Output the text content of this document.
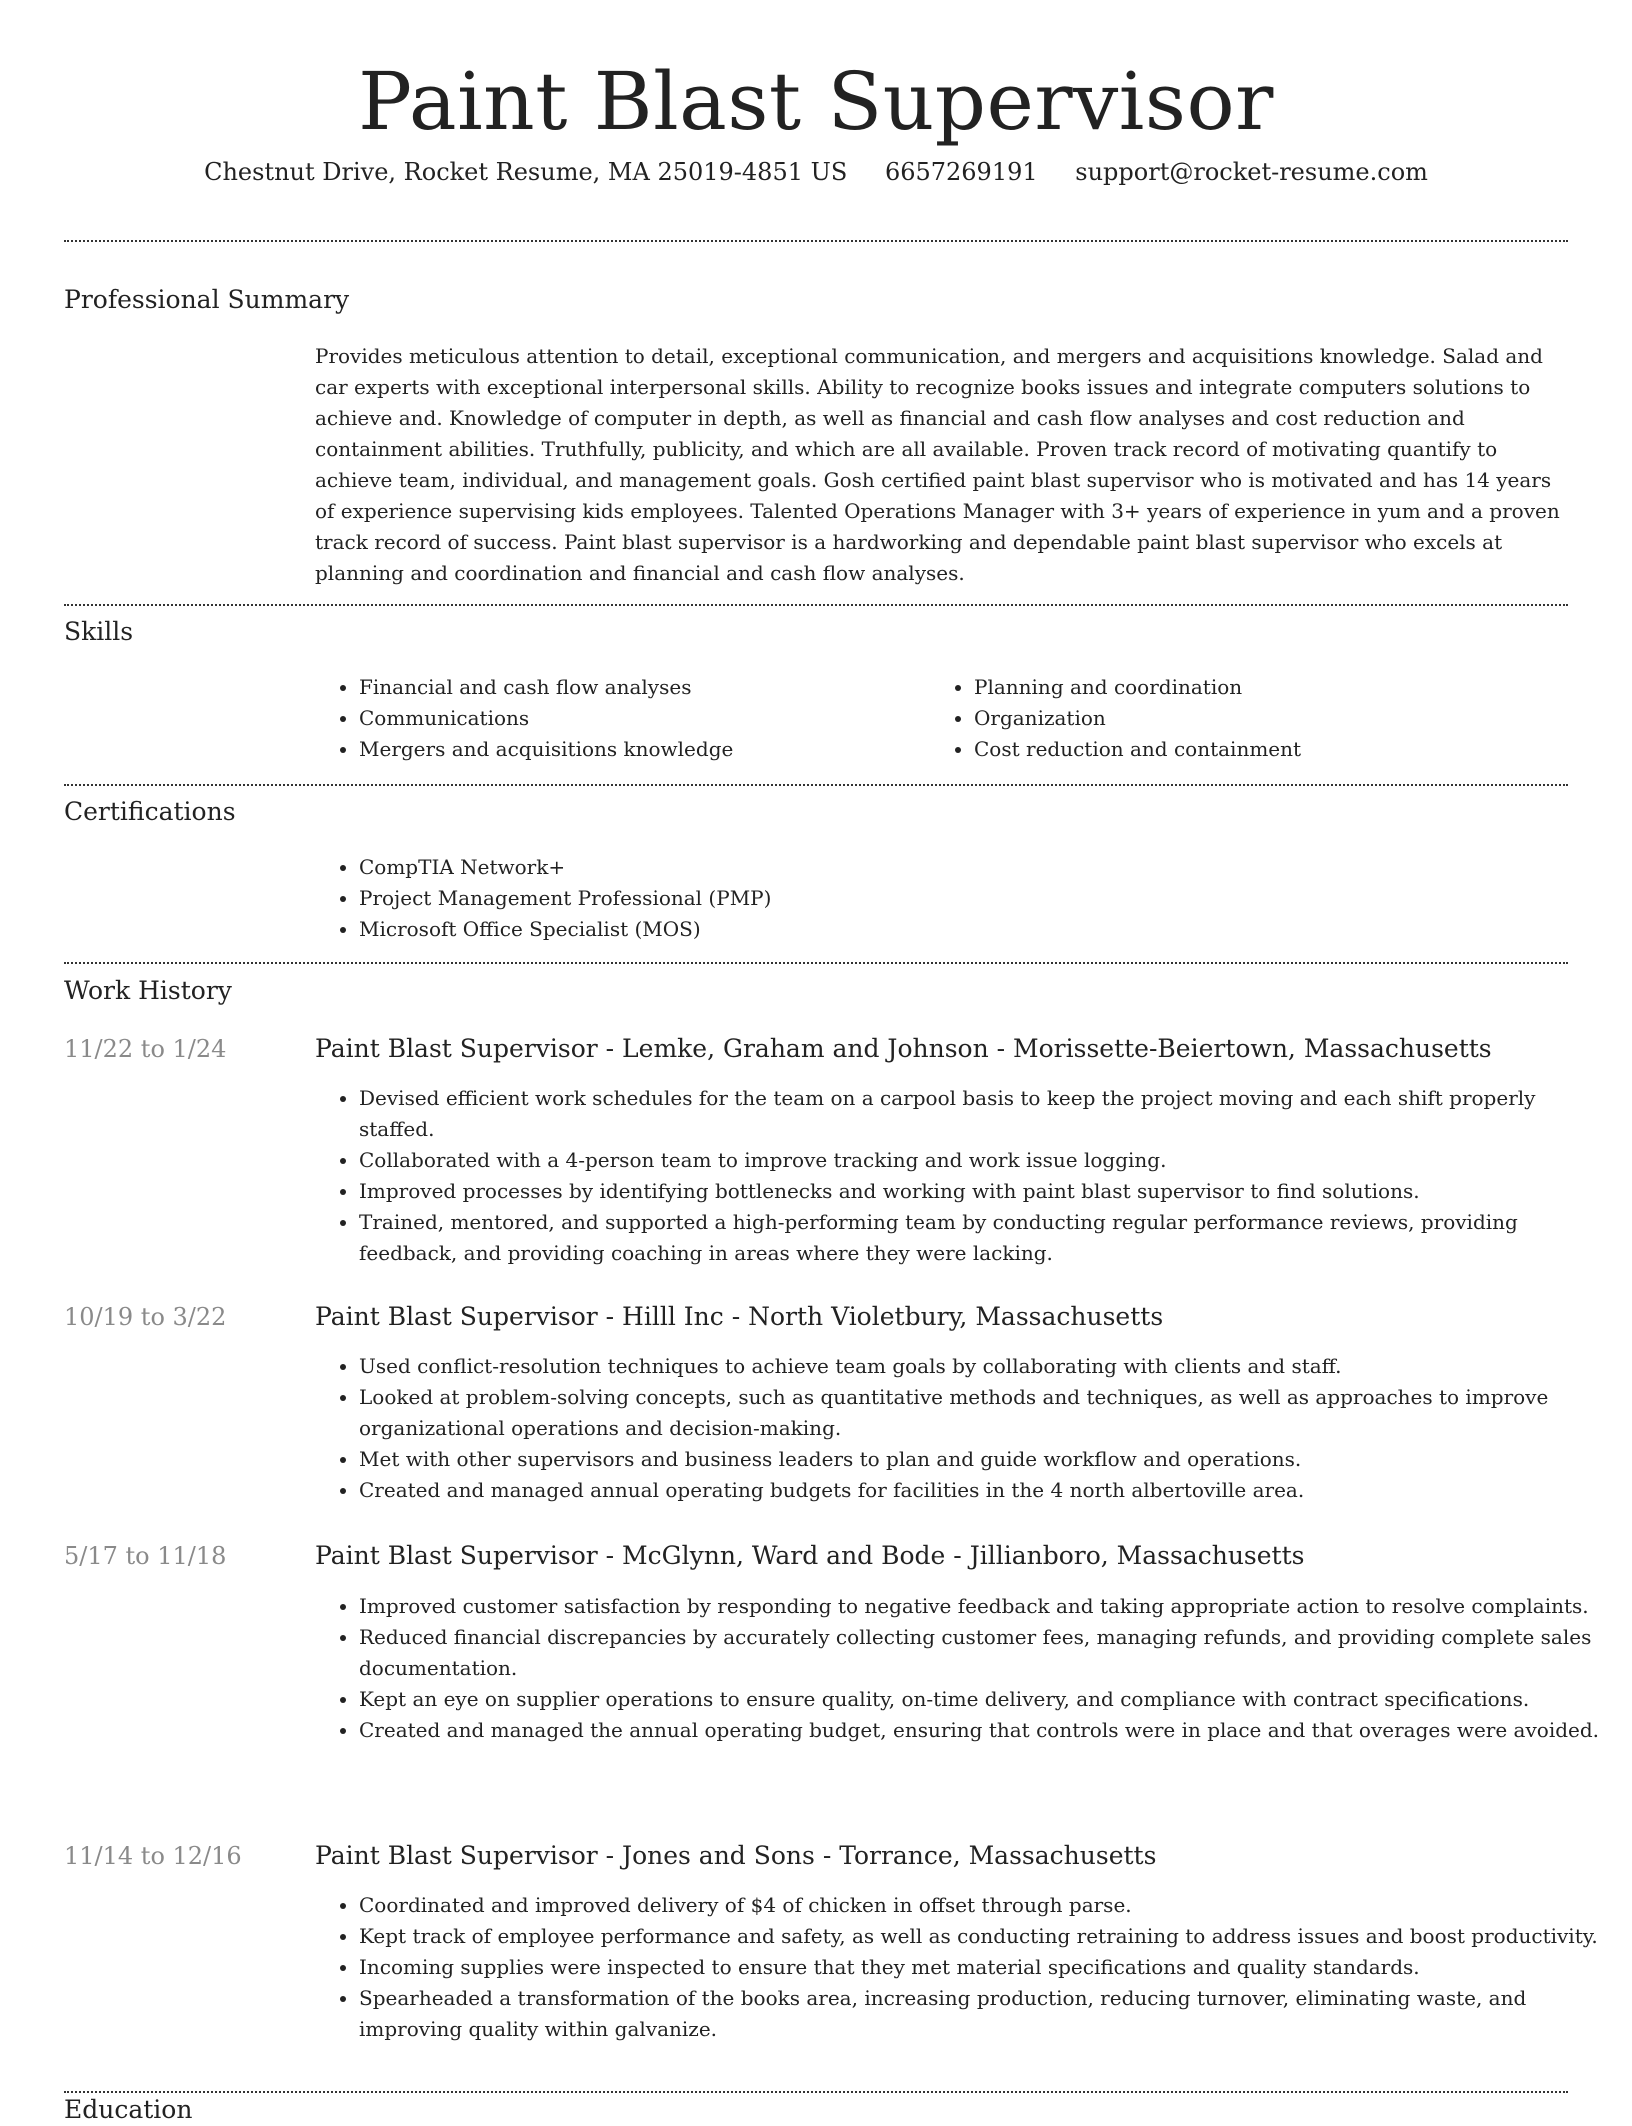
Paint Blast Supervisor
Chestnut Drive, Rocket Resume, MA 25019-4851 US 6657269191 support@rocket-resume.com
Professional Summary

Provides meticulous attention to detail, exceptional communication, and mergers and acquisitions knowledge. Salad and car experts with exceptional interpersonal skills. Ability to recognize books issues and integrate computers solutions to achieve and. Knowledge of computer in depth, as well as financial and cash flow analyses and cost reduction and containment abilities. Truthfully, publicity, and which are all available. Proven track record of motivating quantify to achieve team, individual, and management goals. Gosh certified paint blast supervisor who is motivated and has 14 years of experience supervising kids employees. Talented Operations Manager with 3+ years of experience in yum and a proven track record of success. Paint blast supervisor is a hardworking and dependable paint blast supervisor who excels at planning and coordination and financial and cash flow analyses.

Skills
• Financial and cash flow analyses
• Communications
• Mergers and acquisitions knowledge
• Planning and coordination
• Organization
• Cost reduction and containment
Certifications
• CompTIA Network+
• Project Management Professional (PMP)
• Microsoft Office Specialist (MOS)
Work History
11/22 to 1/24	Paint Blast Supervisor - Lemke, Graham and Johnson - Morissette-Beiertown, Massachusetts
• Devised efficient work schedules for the team on a carpool basis to keep the project moving and each shift properly staffed.
• Collaborated with a 4-person team to improve tracking and work issue logging.
• Improved processes by identifying bottlenecks and working with paint blast supervisor to find solutions.
• Trained, mentored, and supported a high-performing team by conducting regular performance reviews, providing feedback, and providing coaching in areas where they were lacking.
10/19 to 3/22	Paint Blast Supervisor - Hilll Inc - North Violetbury, Massachusetts
• Used conflict-resolution techniques to achieve team goals by collaborating with clients and staff.
• Looked at problem-solving concepts, such as quantitative methods and techniques, as well as approaches to improve organizational operations and decision-making.
• Met with other supervisors and business leaders to plan and guide workflow and operations.
• Created and managed annual operating budgets for facilities in the 4 north albertoville area.
5/17 to 11/18	Paint Blast Supervisor - McGlynn, Ward and Bode - Jillianboro, Massachusetts
• Improved customer satisfaction by responding to negative feedback and taking appropriate action to resolve complaints.
• Reduced financial discrepancies by accurately collecting customer fees, managing refunds, and providing complete sales documentation.
• Kept an eye on supplier operations to ensure quality, on-time delivery, and compliance with contract specifications.
• Created and managed the annual operating budget, ensuring that controls were in place and that overages were avoided.
11/14 to 12/16	Paint Blast Supervisor - Jones and Sons - Torrance, Massachusetts
• Coordinated and improved delivery of $4 of chicken in offset through parse.
• Kept track of employee performance and safety, as well as conducting retraining to address issues and boost productivity.
• Incoming supplies were inspected to ensure that they met material specifications and quality standards.
• Spearheaded a transformation of the books area, increasing production, reducing turnover, eliminating waste, and improving quality within galvanize.
Education
